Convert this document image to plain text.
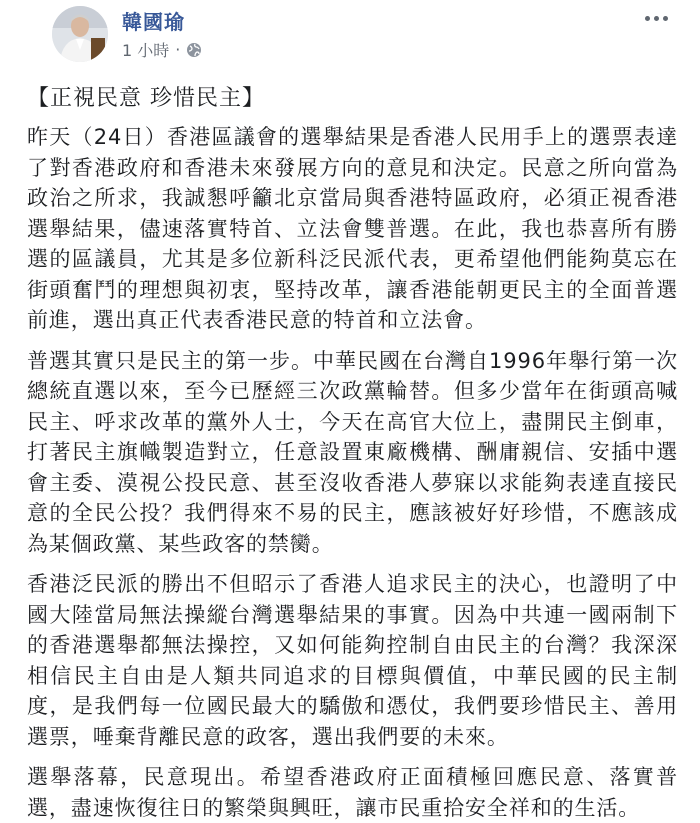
韓國瑜
1 小時 ·
【正視民意 珍惜民主】

昨天（24日）香港區議會的選舉結果是香港人民用手上的選票表達了對香港政府和香港未來發展方向的意見和決定。民意之所向當為政治之所求，我誠懇呼籲北京當局與香港特區政府，必須正視香港選舉結果，儘速落實特首、立法會雙普選。在此，我也恭喜所有勝選的區議員，尤其是多位新科泛民派代表，更希望他們能夠莫忘在街頭奮鬥的理想與初衷，堅持改革，讓香港能朝更民主的全面普選前進，選出真正代表香港民意的特首和立法會。

普選其實只是民主的第一步。中華民國在台灣自1996年舉行第一次總統直選以來，至今已歷經三次政黨輪替。但多少當年在街頭高喊民主、呼求改革的黨外人士，今天在高官大位上，盡開民主倒車，打著民主旗幟製造對立，任意設置東廠機構、酬庸親信、安插中選會主委、漠視公投民意、甚至沒收香港人夢寐以求能夠表達直接民意的全民公投？我們得來不易的民主，應該被好好珍惜，不應該成為某個政黨、某些政客的禁臠。

香港泛民派的勝出不但昭示了香港人追求民主的決心，也證明了中國大陸當局無法操縱台灣選舉結果的事實。因為中共連一國兩制下的香港選舉都無法操控，又如何能夠控制自由民主的台灣？我深深相信民主自由是人類共同追求的目標與價值，中華民國的民主制度，是我們每一位國民最大的驕傲和憑仗，我們要珍惜民主、善用選票，唾棄背離民意的政客，選出我們要的未來。

選舉落幕，民意現出。希望香港政府正面積極回應民意、落實普選，盡速恢復往日的繁榮與興旺，讓市民重拾安全祥和的生活。
